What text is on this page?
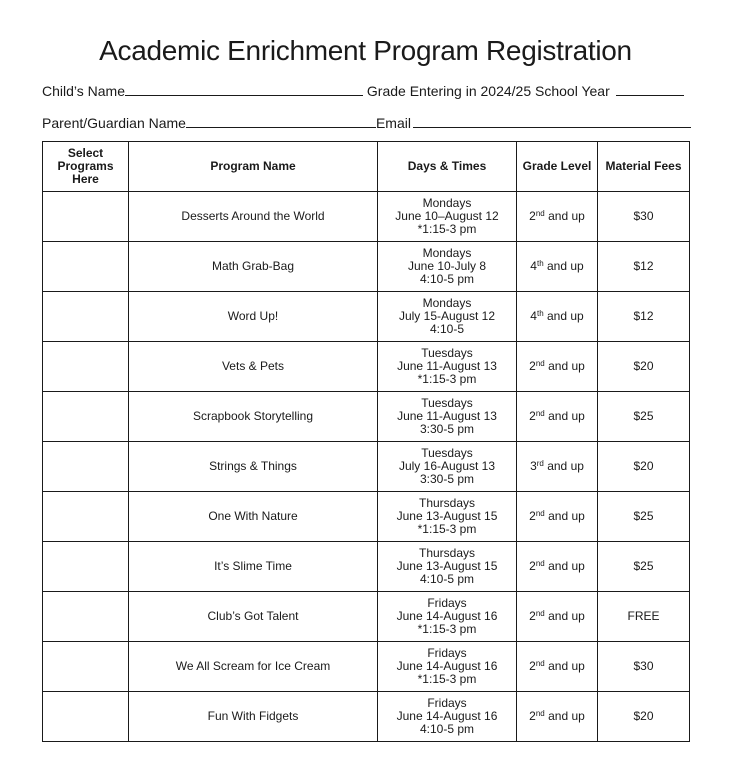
Academic Enrichment Program Registration
Child’s Name	Grade Entering in 2024/25 School Year
Parent/Guardian Name	Email
Select Programs Here	Program Name	Days & Times	Grade Level	Material Fees
	Desserts Around the World	Mondays
June 10–August 12
*1:15-3 pm	2nd and up	$30
	Math Grab-Bag	Mondays
June 10-July 8
4:10-5 pm	4th and up	$12
	Word Up!	Mondays
July 15-August 12
4:10-5	4th and up	$12
	Vets & Pets	Tuesdays
June 11-August 13
*1:15-3 pm	2nd and up	$20
	Scrapbook Storytelling	Tuesdays
June 11-August 13
3:30-5 pm	2nd and up	$25
	Strings & Things	Tuesdays
July 16-August 13
3:30-5 pm	3rd and up	$20
	One With Nature	Thursdays
June 13-August 15
*1:15-3 pm	2nd and up	$25
	It’s Slime Time	Thursdays
June 13-August 15
4:10-5 pm	2nd and up	$25
	Club’s Got Talent	Fridays
June 14-August 16
*1:15-3 pm	2nd and up	FREE
	We All Scream for Ice Cream	Fridays
June 14-August 16
*1:15-3 pm	2nd and up	$30
	Fun With Fidgets	Fridays
June 14-August 16
4:10-5 pm	2nd and up	$20
